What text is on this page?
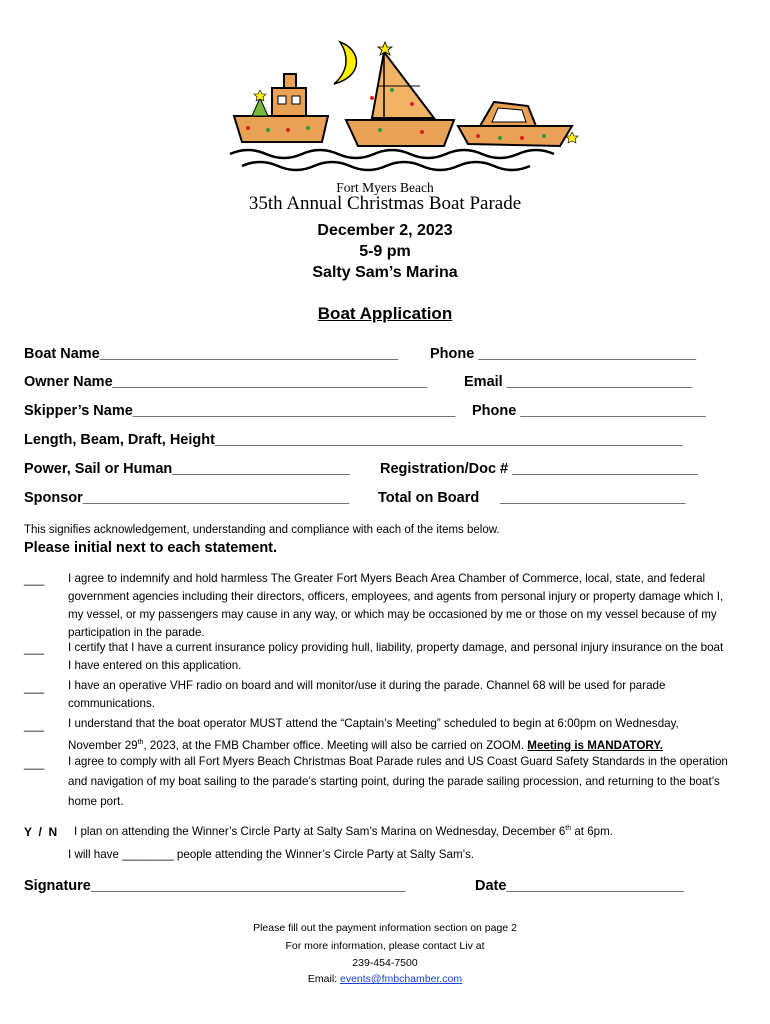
Fort Myers Beach
35th Annual Christmas Boat Parade
December 2, 2023
5-9 pm
Salty Sam’s Marina
Boat Application
Boat Name_____________________________________ Phone ___________________________
Owner Name_______________________________________	Email _______________________
Skipper’s Name________________________________________ Phone _______________________
Length, Beam, Draft, Height__________________________________________________________
Power, Sail or Human______________________ Registration/Doc # _______________________
Sponsor_________________________________ Total on Board _______________________
This signifies acknowledgement, understanding and compliance with each of the items below.
Please initial next to each statement.
___ I agree to indemnify and hold harmless The Greater Fort Myers Beach Area Chamber of Commerce, local, state, and federal government agencies including their directors, officers, employees, and agents from personal injury or property damage which I, my vessel, or my passengers may cause in any way, or which may be occasioned by me or those on my vessel because of my participation in the parade.
___ I certify that I have a current insurance policy providing hull, liability, property damage, and personal injury insurance on the boat I have entered on this application.
___ I have an operative VHF radio on board and will monitor/use it during the parade. Channel 68 will be used for parade communications.
___ I understand that the boat operator MUST attend the “Captain’s Meeting” scheduled to begin at 6:00pm on Wednesday, November 29th, 2023, at the FMB Chamber office. Meeting will also be carried on ZOOM. Meeting is MANDATORY.
___ I agree to comply with all Fort Myers Beach Christmas Boat Parade rules and US Coast Guard Safety Standards in the operation and navigation of my boat sailing to the parade’s starting point, during the parade sailing procession, and returning to the boat’s home port.
Y  /  N I plan on attending the Winner’s Circle Party at Salty Sam’s Marina on Wednesday, December 6th at 6pm.
I will have ________ people attending the Winner’s Circle Party at Salty Sam’s.
Signature_______________________________________	Date______________________
Please fill out the payment information section on page 2
For more information, please contact Liv at
239-454-7500
Email: events@fmbchamber.com
